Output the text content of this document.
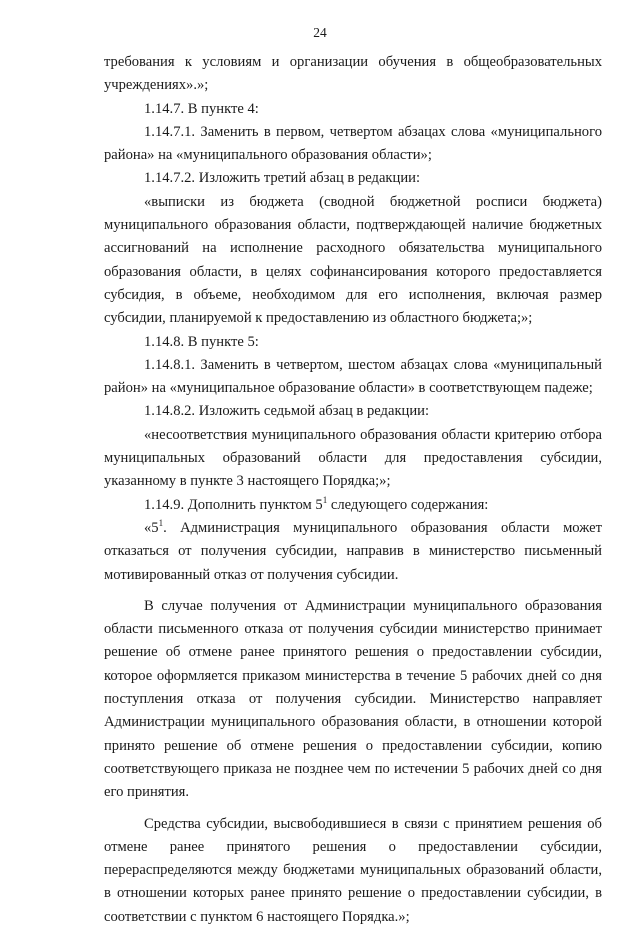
24

требования к условиям и организации обучения в общеобразовательных учреждениях».»;

1.14.7. В пункте 4:

1.14.7.1. Заменить в первом, четвертом абзацах слова «муниципального района» на «муниципального образования области»;

1.14.7.2. Изложить третий абзац в редакции:

«выписки из бюджета (сводной бюджетной росписи бюджета) муниципального образования области, подтверждающей наличие бюджетных ассигнований на исполнение расходного обязательства муниципального образования области, в целях софинансирования которого предоставляется субсидия, в объеме, необходимом для его исполнения, включая размер субсидии, планируемой к предоставлению из областного бюджета;»;

1.14.8. В пункте 5:

1.14.8.1. Заменить в четвертом, шестом абзацах слова «муниципальный район» на «муниципальное образование области» в соответствующем падеже;

1.14.8.2. Изложить седьмой абзац в редакции:

«несоответствия муниципального образования области критерию отбора муниципальных образований области для предоставления субсидии, указанному в пункте 3 настоящего Порядка;»;

1.14.9. Дополнить пунктом $5^1$ следующего содержания:

«$5^1$. Администрация муниципального образования области может отказаться от получения субсидии, направив в министерство письменный мотивированный отказ от получения субсидии.

В случае получения от Администрации муниципального образования области письменного отказа от получения субсидии министерство принимает решение об отмене ранее принятого решения о предоставлении субсидии, которое оформляется приказом министерства в течение 5 рабочих дней со дня поступления отказа от получения субсидии. Министерство направляет Администрации муниципального образования области, в отношении которой принято решение об отмене решения о предоставлении субсидии, копию соответствующего приказа не позднее чем по истечении 5 рабочих дней со дня его принятия.

Средства субсидии, высвободившиеся в связи с принятием решения об отмене ранее принятого решения о предоставлении субсидии, перераспределяются между бюджетами муниципальных образований области, в отношении которых ранее принято решение о предоставлении субсидии, в соответствии с пунктом 6 настоящего Порядка.»;
